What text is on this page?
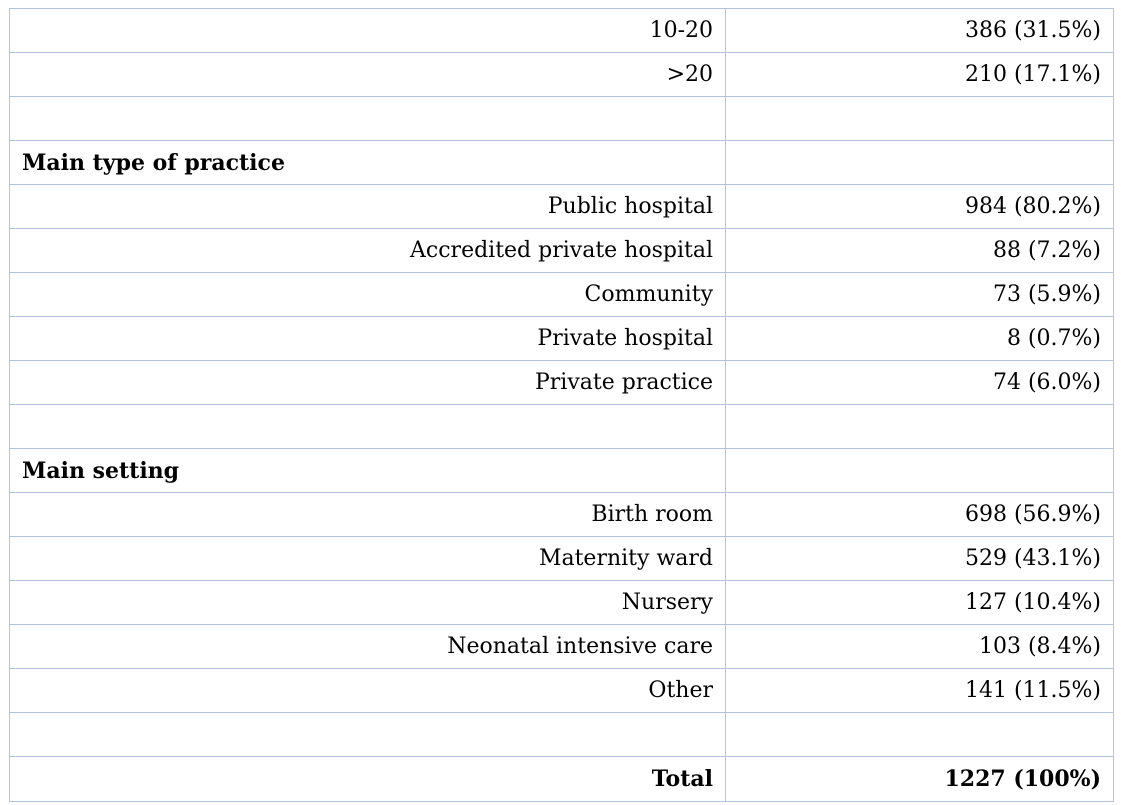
10-20	386 (31.5%)
>20	210 (17.1%)

Main type of practice	
Public hospital	984 (80.2%)
Accredited private hospital	88 (7.2%)
Community	73 (5.9%)
Private hospital	8 (0.7%)
Private practice	74 (6.0%)

Main setting	
Birth room	698 (56.9%)
Maternity ward	529 (43.1%)
Nursery	127 (10.4%)
Neonatal intensive care	103 (8.4%)
Other	141 (11.5%)

Total	1227 (100%)
